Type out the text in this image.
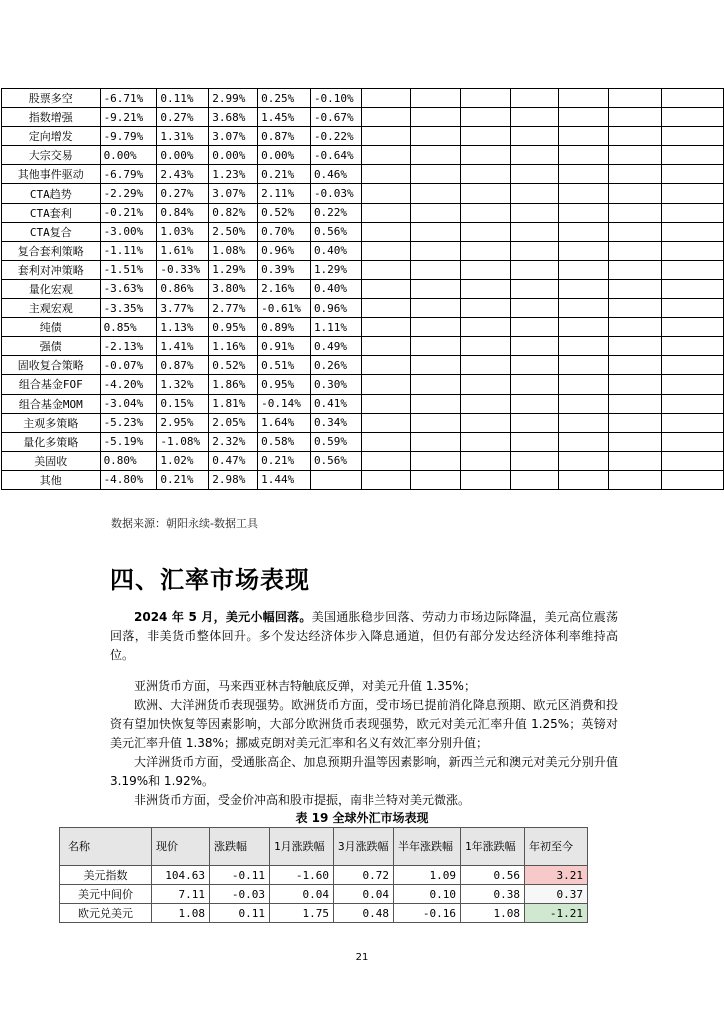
股票多空	-6.71%	0.11%	2.99%	0.25%	-0.10%							
指数增强	-9.21%	0.27%	3.68%	1.45%	-0.67%							
定向增发	-9.79%	1.31%	3.07%	0.87%	-0.22%							
大宗交易	0.00%	0.00%	0.00%	0.00%	-0.64%							
其他事件驱动	-6.79%	2.43%	1.23%	0.21%	0.46%							
CTA趋势	-2.29%	0.27%	3.07%	2.11%	-0.03%							
CTA套利	-0.21%	0.84%	0.82%	0.52%	0.22%							
CTA复合	-3.00%	1.03%	2.50%	0.70%	0.56%							
复合套利策略	-1.11%	1.61%	1.08%	0.96%	0.40%							
套利对冲策略	-1.51%	-0.33%	1.29%	0.39%	1.29%							
量化宏观	-3.63%	0.86%	3.80%	2.16%	0.40%							
主观宏观	-3.35%	3.77%	2.77%	-0.61%	0.96%							
纯债	0.85%	1.13%	0.95%	0.89%	1.11%							
强债	-2.13%	1.41%	1.16%	0.91%	0.49%							
固收复合策略	-0.07%	0.87%	0.52%	0.51%	0.26%							
组合基金FOF	-4.20%	1.32%	1.86%	0.95%	0.30%							
组合基金MOM	-3.04%	0.15%	1.81%	-0.14%	0.41%							
主观多策略	-5.23%	2.95%	2.05%	1.64%	0.34%							
量化多策略	-5.19%	-1.08%	2.32%	0.58%	0.59%							
美固收	0.80%	1.02%	0.47%	0.21%	0.56%							
其他	-4.80%	0.21%	2.98%	1.44%								
数据来源：朝阳永续-数据工具
四、汇率市场表现

2024 年 5 月，美元小幅回落。美国通胀稳步回落、劳动力市场边际降温，美元高位震荡回落，非美货币整体回升。多个发达经济体步入降息通道，但仍有部分发达经济体利率维持高位。

亚洲货币方面，马来西亚林吉特触底反弹，对美元升值 1.35%；

欧洲、大洋洲货币表现强势。欧洲货币方面，受市场已提前消化降息预期、欧元区消费和投资有望加快恢复等因素影响，大部分欧洲货币表现强势，欧元对美元汇率升值 1.25%；英镑对美元汇率升值 1.38%；挪威克朗对美元汇率和名义有效汇率分别升值；

大洋洲货币方面，受通胀高企、加息预期升温等因素影响，新西兰元和澳元对美元分别升值 3.19%和 1.92%。

非洲货币方面，受金价冲高和股市提振，南非兰特对美元微涨。

表 19 全球外汇市场表现
名称	现价	涨跌幅	1月涨跌幅	3月涨跌幅	半年涨跌幅	1年涨跌幅	年初至今
美元指数	104.63	-0.11	-1.60	0.72	1.09	0.56	3.21
美元中间价	7.11	-0.03	0.04	0.04	0.10	0.38	0.37
欧元兑美元	1.08	0.11	1.75	0.48	-0.16	1.08	-1.21
21
